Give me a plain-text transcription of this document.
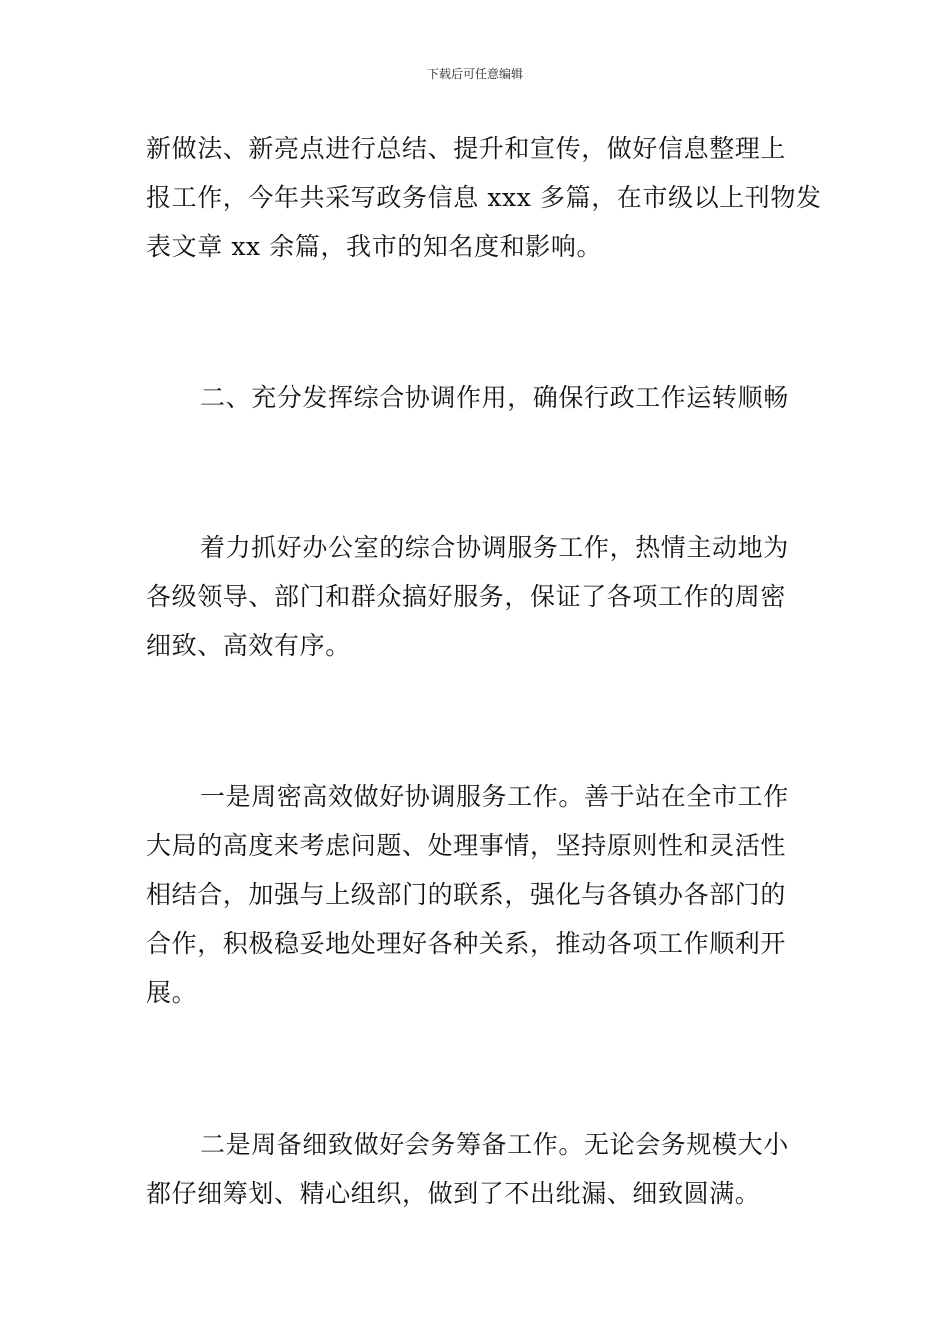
下载后可任意编辑
新做法、新亮点进行总结、提升和宣传，做好信息整理上
报工作，今年共采写政务信息 xxx 多篇，在市级以上刊物发
表文章 xx 余篇，我市的知名度和影响。
二、充分发挥综合协调作用，确保行政工作运转顺畅
着力抓好办公室的综合协调服务工作，热情主动地为
各级领导、部门和群众搞好服务，保证了各项工作的周密
细致、高效有序。
一是周密高效做好协调服务工作。善于站在全市工作
大局的高度来考虑问题、处理事情，坚持原则性和灵活性
相结合，加强与上级部门的联系，强化与各镇办各部门的
合作，积极稳妥地处理好各种关系，推动各项工作顺利开
展。
二是周备细致做好会务筹备工作。无论会务规模大小
都仔细筹划、精心组织，做到了不出纰漏、细致圆满。
